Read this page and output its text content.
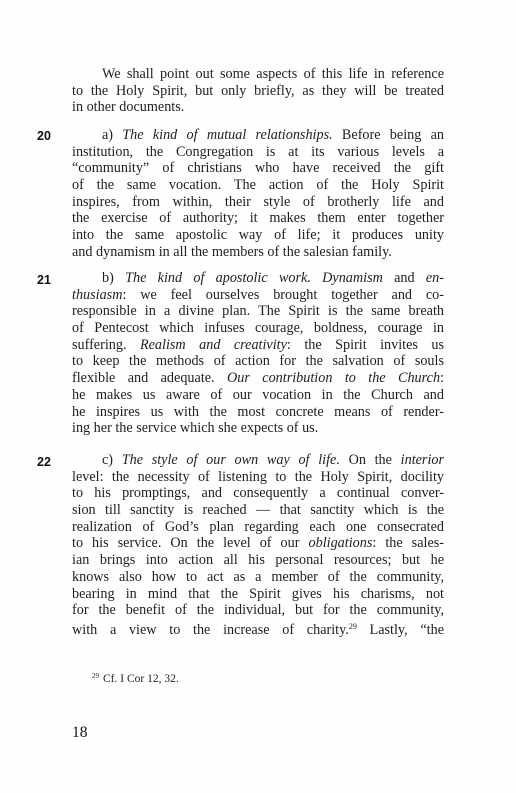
We shall point out some aspects of this life in reference
to the Holy Spirit, but only briefly, as they will be treated
in other documents.
20	a) The kind of mutual relationships. Before being an
institution, the Congregation is at its various levels a
“community” of christians who have received the gift
of the same vocation. The action of the Holy Spirit
inspires, from within, their style of brotherly life and
the exercise of authority; it makes them enter together
into the same apostolic way of life; it produces unity
and dynamism in all the members of the salesian family.
21	b) The kind of apostolic work. Dynamism and en-
thusiasm: we feel ourselves brought together and co-
responsible in a divine plan. The Spirit is the same breath
of Pentecost which infuses courage, boldness, courage in
suffering. Realism and creativity: the Spirit invites us
to keep the methods of action for the salvation of souls
flexible and adequate. Our contribution to the Church:
he makes us aware of our vocation in the Church and
he inspires us with the most concrete means of render-
ing her the service which she expects of us.
22	c) The style of our own way of life. On the interior
level: the necessity of listening to the Holy Spirit, docility
to his promptings, and consequently a continual conver-
sion till sanctity is reached — that sanctity which is the
realization of God’s plan regarding each one consecrated
to his service. On the level of our obligations: the sales-
ian brings into action all his personal resources; but he
knows also how to act as a member of the community,
bearing in mind that the Spirit gives his charisms, not
for the benefit of the individual, but for the community,
with a view to the increase of charity.$^{29}$ Lastly, “the
$^{29}$ Cf. I Cor 12, 32.
18
